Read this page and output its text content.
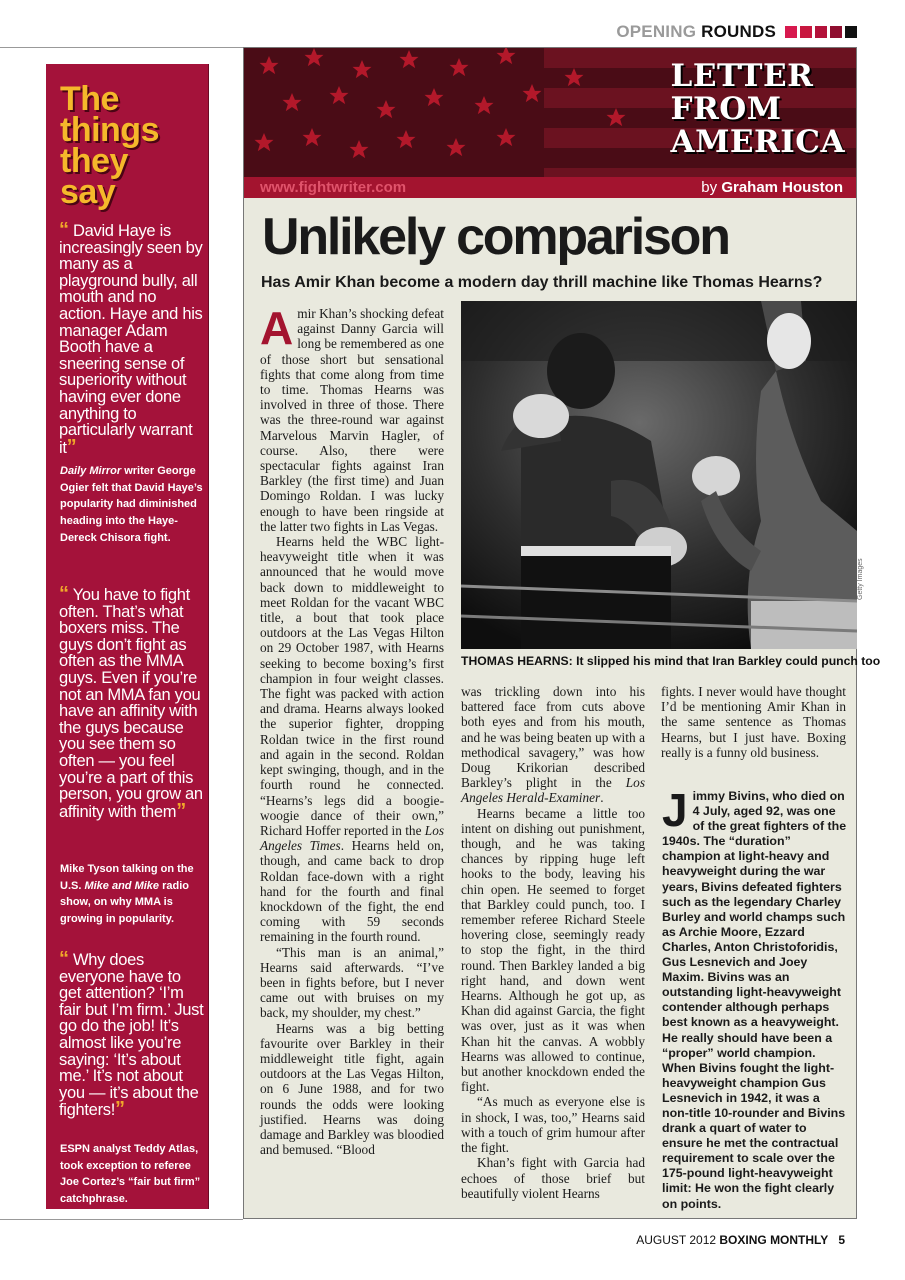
OPENING ROUNDS
The
things
they
say
“ David Haye is increasingly seen by many as a playground bully, all mouth and no action. Haye and his manager Adam Booth have a sneering sense of superiority without having ever done anything to particularly warrant it”
Daily Mirror writer George Ogier felt that David Haye’s popularity had diminished heading into the Haye-Dereck Chisora fight.
“ You have to fight often. That’s what boxers miss. The guys don’t fight as often as the MMA guys. Even if you’re not an MMA fan you have an affinity with the guys because you see them so often — you feel you’re a part of this person, you grow an affinity with them”
Mike Tyson talking on the U.S. Mike and Mike radio show, on why MMA is growing in popularity.
“ Why does everyone have to get attention? ‘I’m fair but I’m firm.’ Just go do the job! It’s almost like you’re saying: ‘It’s about me.’ It’s not about you — it’s about the fighters!”
ESPN analyst Teddy Atlas, took exception to referee Joe Cortez’s “fair but firm” catchphrase.
LETTER
FROM
AMERICA
www.fightwriter.com	by Graham Houston
Unlikely comparison
Has Amir Khan become a modern day thrill machine like Thomas Hearns?

Amir Khan’s shocking defeat against Danny Garcia will long be remembered as one of those short but sensational fights that come along from time to time. Thomas Hearns was involved in three of those. There was the three-round war against Marvelous Marvin Hagler, of course. Also, there were spectacular fights against Iran Barkley (the first time) and Juan Domingo Roldan. I was lucky enough to have been ringside at the latter two fights in Las Vegas.

Hearns held the WBC light-heavyweight title when it was announced that he would move back down to middleweight to meet Roldan for the vacant WBC title, a bout that took place outdoors at the Las Vegas Hilton on 29 October 1987, with Hearns seeking to become boxing’s first champion in four weight classes. The fight was packed with action and drama. Hearns always looked the superior fighter, dropping Roldan twice in the first round and again in the second. Roldan kept swinging, though, and in the fourth round he connected. “Hearns’s legs did a boogie-woogie dance of their own,” Richard Hoffer reported in the Los Angeles Times. Hearns held on, though, and came back to drop Roldan face-down with a right hand for the fourth and final knockdown of the fight, the end coming with 59 seconds remaining in the fourth round.

“This man is an animal,” Hearns said afterwards. “I’ve been in fights before, but I never came out with bruises on my back, my shoulder, my chest.”

Hearns was a big betting favourite over Barkley in their middleweight title fight, again outdoors at the Las Vegas Hilton, on 6 June 1988, and for two rounds the odds were looking justified. Hearns was doing damage and Barkley was bloodied and bemused. “Blood

THOMAS HEARNS: It slipped his mind that Iran Barkley could punch too
Getty Images

was trickling down into his battered face from cuts above both eyes and from his mouth, and he was being beaten up with a methodical savagery,” was how Doug Krikorian described Barkley’s plight in the Los Angeles Herald-Examiner.

Hearns became a little too intent on dishing out punishment, though, and he was taking chances by ripping huge left hooks to the body, leaving his chin open. He seemed to forget that Barkley could punch, too. I remember referee Richard Steele hovering close, seemingly ready to stop the fight, in the third round. Then Barkley landed a big right hand, and down went Hearns. Although he got up, as Khan did against Garcia, the fight was over, just as it was when Khan hit the canvas. A wobbly Hearns was allowed to continue, but another knockdown ended the fight.

“As much as everyone else is in shock, I was, too,” Hearns said with a touch of grim humour after the fight.

Khan’s fight with Garcia had echoes of those brief but beautifully violent Hearns

fights. I never would have thought I’d be mentioning Amir Khan in the same sentence as Thomas Hearns, but I just have. Boxing really is a funny old business.

Jimmy Bivins, who died on 4 July, aged 92, was one of the great fighters of the 1940s. The “duration” champion at light-heavy and heavyweight during the war years, Bivins defeated fighters such as the legendary Charley Burley and world champs such as Archie Moore, Ezzard Charles, Anton Christoforidis, Gus Lesnevich and Joey Maxim. Bivins was an outstanding light-heavyweight contender although perhaps best known as a heavyweight. He really should have been a “proper” world champion. When Bivins fought the light-heavyweight champion Gus Lesnevich in 1942, it was a non-title 10-rounder and Bivins drank a quart of water to ensure he met the contractual requirement to scale over the 175-pound light-heavyweight limit: He won the fight clearly on points.
AUGUST 2012 BOXING MONTHLY 5
